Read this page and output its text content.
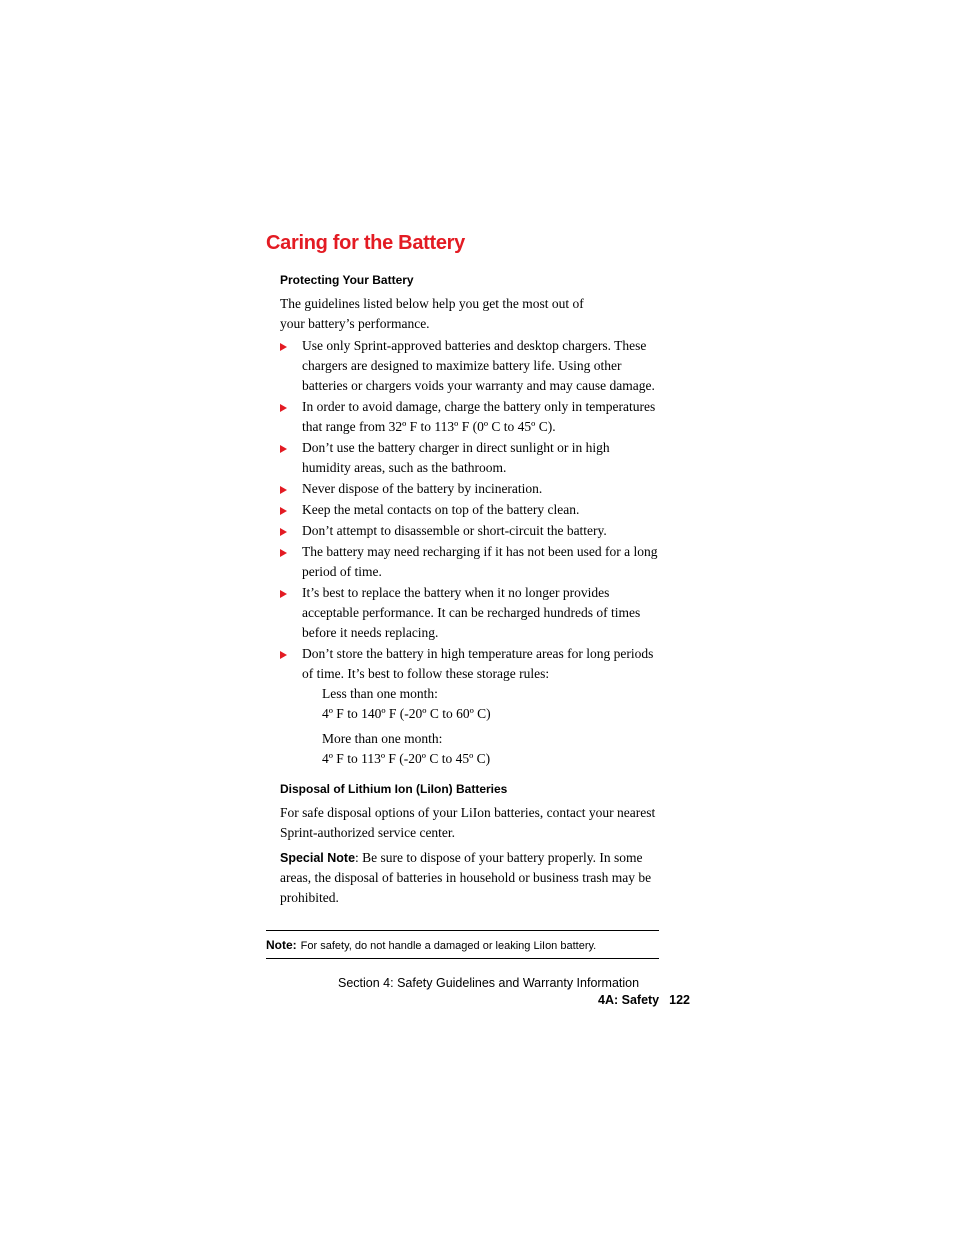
Caring for the Battery
Protecting Your Battery
The guidelines listed below help you get the most out of your battery’s performance.
Use only Sprint-approved batteries and desktop chargers. These chargers are designed to maximize battery life. Using other batteries or chargers voids your warranty and may cause damage.
In order to avoid damage, charge the battery only in temperatures that range from 32º F to 113º F (0º C to 45º C).
Don’t use the battery charger in direct sunlight or in high humidity areas, such as the bathroom.
Never dispose of the battery by incineration.
Keep the metal contacts on top of the battery clean.
Don’t attempt to disassemble or short-circuit the battery.
The battery may need recharging if it has not been used for a long period of time.
It’s best to replace the battery when it no longer provides acceptable performance. It can be recharged hundreds of times before it needs replacing.
Don’t store the battery in high temperature areas for long periods of time. It’s best to follow these storage rules:
Less than one month:
4º F to 140º F (-20º C to 60º C)
More than one month:
4º F to 113º F (-20º C to 45º C)
Disposal of Lithium Ion (LiIon) Batteries
For safe disposal options of your LiIon batteries, contact your nearest Sprint-authorized service center.
Special Note: Be sure to dispose of your battery properly. In some areas, the disposal of batteries in household or business trash may be prohibited.
Note: For safety, do not handle a damaged or leaking LiIon battery.
Section 4: Safety Guidelines and Warranty Information
4A: Safety 122
